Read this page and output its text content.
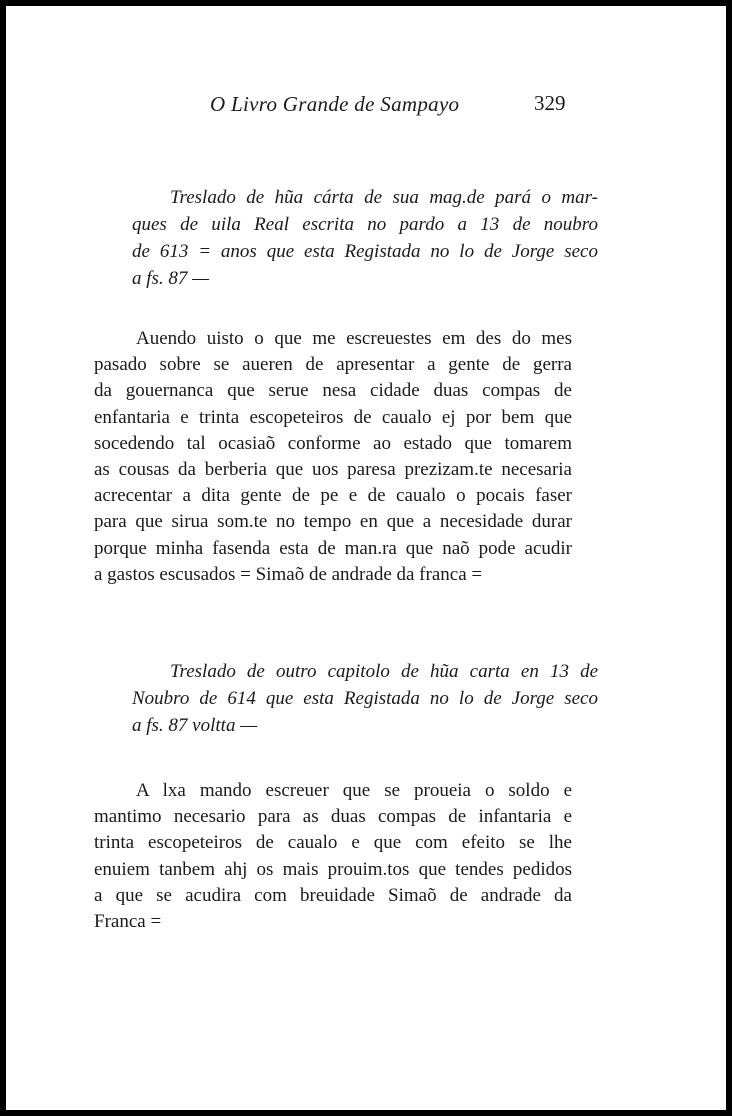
O Livro Grande de Sampayo	329
Treslado de hũa cárta de sua mag.de pará o mar-
ques de uila Real escrita no pardo a 13 de noubro
de 613 = anos que esta Registada no lo de Jorge seco
a fs. 87 —
Auendo uisto o que me escreuestes em des do mes
pasado sobre se aueren de apresentar a gente de gerra
da gouernanca que serue nesa cidade duas compas de
enfantaria e trinta escopeteiros de caualo ej por bem que
socedendo tal ocasiaõ conforme ao estado que tomarem
as cousas da berberia que uos paresa prezizam.te necesaria
acrecentar a dita gente de pe e de caualo o pocais faser
para que sirua som.te no tempo en que a necesidade durar
porque minha fasenda esta de man.ra que naõ pode acudir
a gastos escusados = Simaõ de andrade da franca =
Treslado de outro capitolo de hũa carta en 13 de
Noubro de 614 que esta Registada no lo de Jorge seco
a fs. 87 voltta —
A lxa mando escreuer que se proueia o soldo e
mantimo necesario para as duas compas de infantaria e
trinta escopeteiros de caualo e que com efeito se lhe
enuiem tanbem ahj os mais prouim.tos que tendes pedidos
a que se acudira com breuidade Simaõ de andrade da
Franca =
